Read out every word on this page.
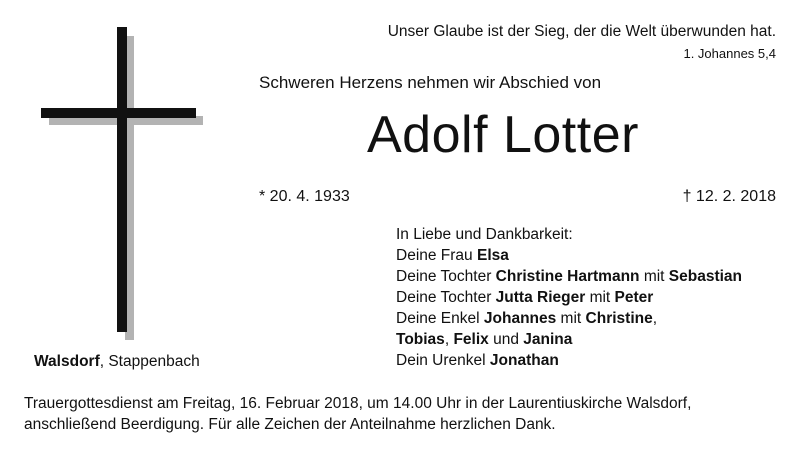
Unser Glaube ist der Sieg, der die Welt überwunden hat.
1. Johannes 5,4
Schweren Herzens nehmen wir Abschied von
Adolf Lotter
* 20. 4. 1933	† 12. 2. 2018
In Liebe und Dankbarkeit:
Deine Frau Elsa
Deine Tochter Christine Hartmann mit Sebastian
Deine Tochter Jutta Rieger mit Peter
Deine Enkel Johannes mit Christine,
Tobias, Felix und Janina
Dein Urenkel Jonathan
Walsdorf, Stappenbach
Trauergottesdienst am Freitag, 16. Februar 2018, um 14.00 Uhr in der Laurentiuskirche Walsdorf,
anschließend Beerdigung. Für alle Zeichen der Anteilnahme herzlichen Dank.
